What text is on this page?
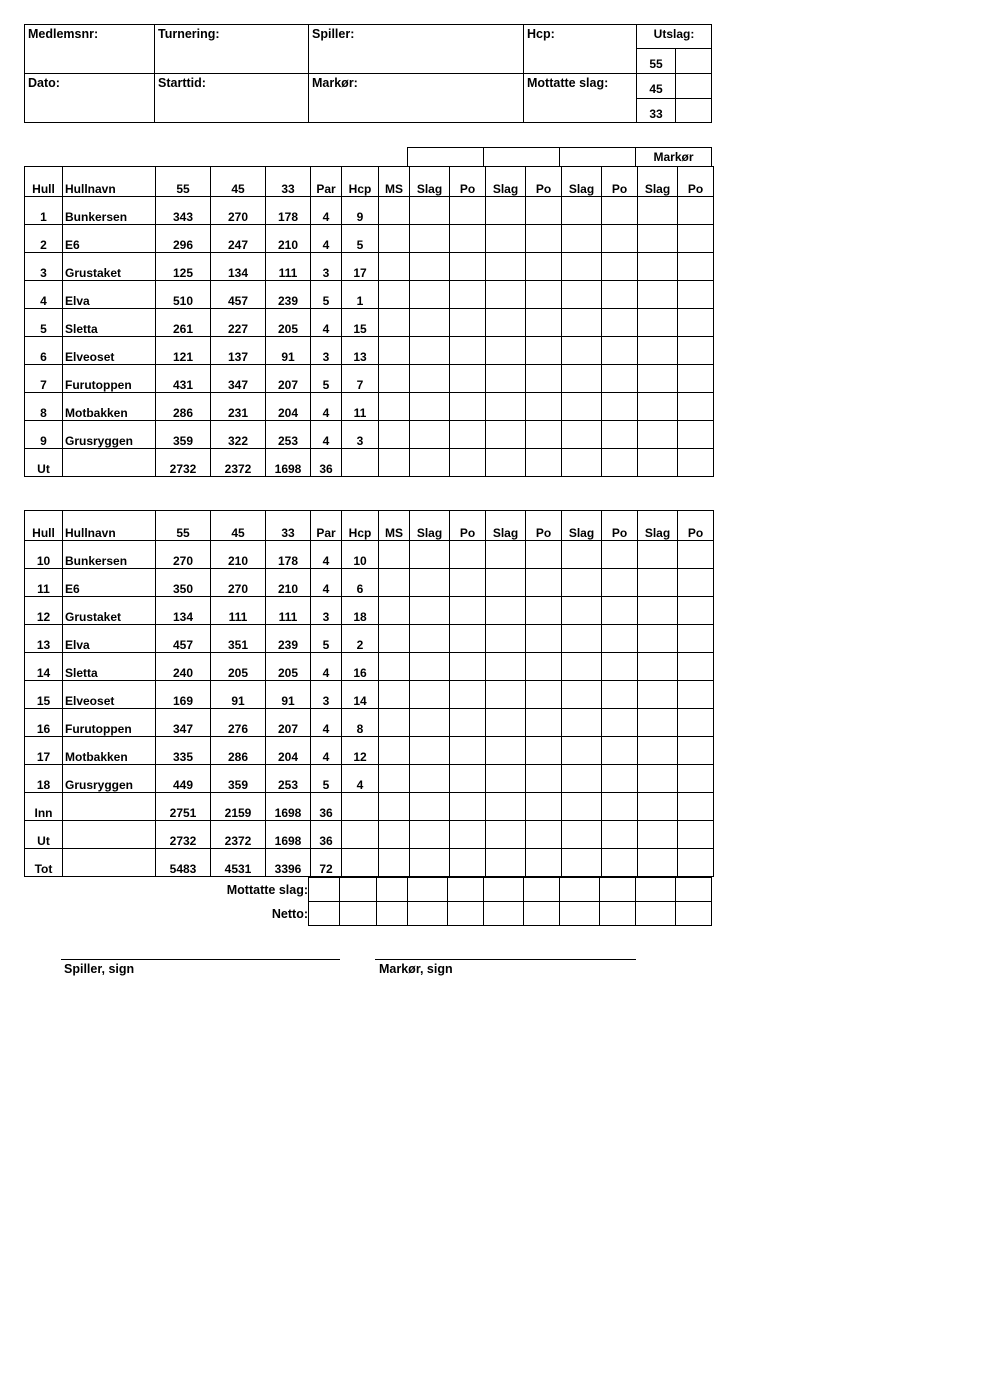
Medlemsnr:	Turnering:	Spiller:	Hcp:	Utslag:
Dato:	Starttid:	Markør:	Mottatte slag:
55
45
33
Markør
Hull	Hullnavn	55	45	33	Par	Hcp	MS	Slag	Po	Slag	Po	Slag	Po	Slag	Po
1	Bunkersen	343	270	178	4	9									
2	E6	296	247	210	4	5									
3	Grustaket	125	134	111	3	17									
4	Elva	510	457	239	5	1									
5	Sletta	261	227	205	4	15									
6	Elveoset	121	137	91	3	13									
7	Furutoppen	431	347	207	5	7									
8	Motbakken	286	231	204	4	11									
9	Grusryggen	359	322	253	4	3									
Ut		2732	2372	1698	36										
Hull	Hullnavn	55	45	33	Par	Hcp	MS	Slag	Po	Slag	Po	Slag	Po	Slag	Po
10	Bunkersen	270	210	178	4	10									
11	E6	350	270	210	4	6									
12	Grustaket	134	111	111	3	18									
13	Elva	457	351	239	5	2									
14	Sletta	240	205	205	4	16									
15	Elveoset	169	91	91	3	14									
16	Furutoppen	347	276	207	4	8									
17	Motbakken	335	286	204	4	12									
18	Grusryggen	449	359	253	5	4									
Inn		2751	2159	1698	36										
Ut		2732	2372	1698	36										
Tot		5483	4531	3396	72										
Mottatte slag:
Netto:
Spiller, sign	Markør, sign
